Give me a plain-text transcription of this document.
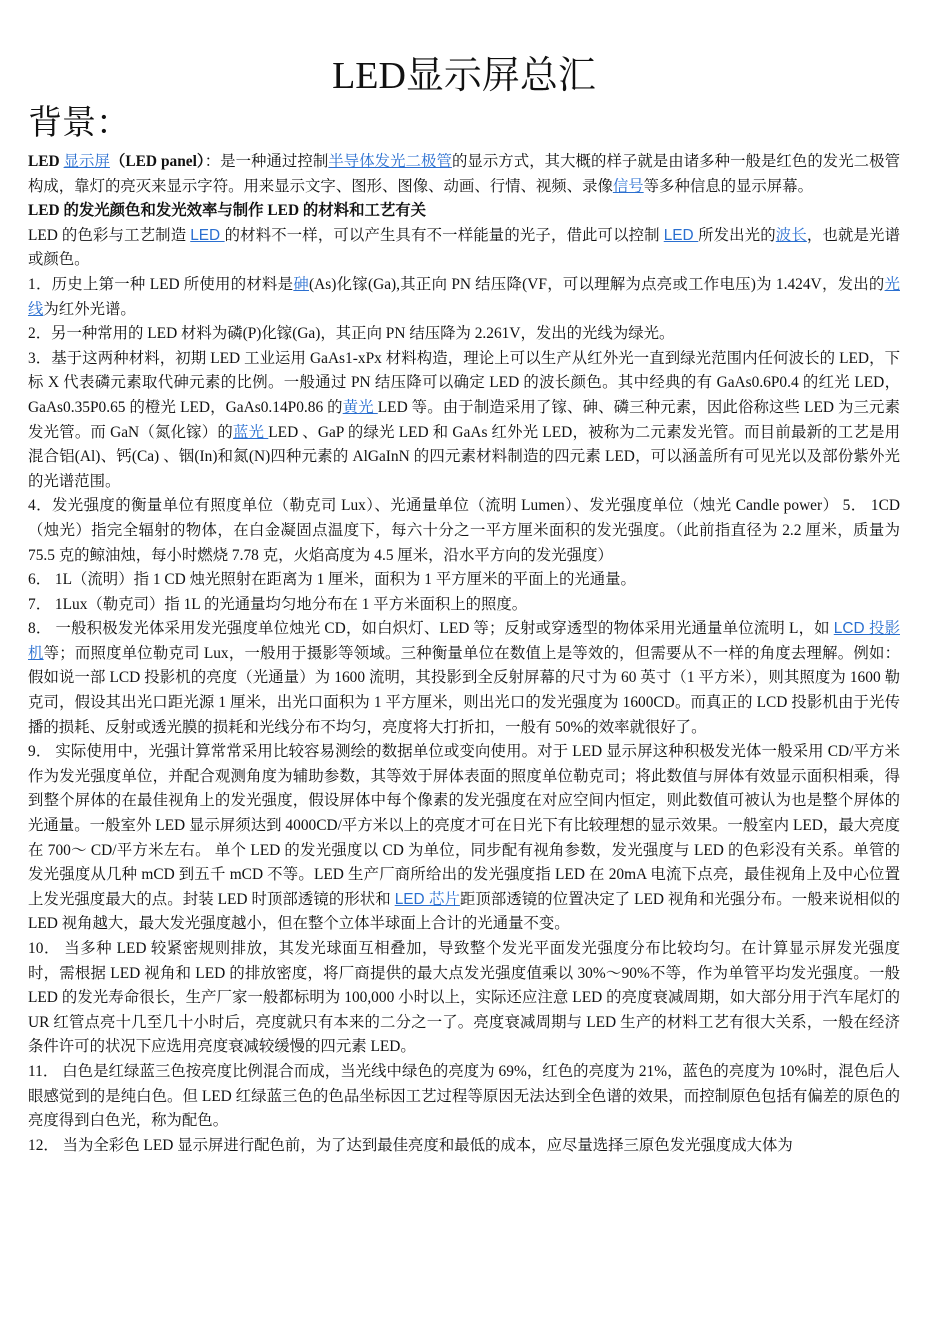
LED显示屏总汇
背景：

LED 显示屏（LED panel）：是一种通过控制半导体发光二极管的显示方式，其大概的样子就是由诸多种一般是红色的发光二极管构成，靠灯的亮灭来显示字符。用来显示文字、图形、图像、动画、行情、视频、录像信号等多种信息的显示屏幕。

LED 的发光颜色和发光效率与制作 LED 的材料和工艺有关

LED 的色彩与工艺制造 LED 的材料不一样，可以产生具有不一样能量的光子，借此可以控制 LED 所发出光的波长，也就是光谱或颜色。

1．历史上第一种 LED 所使用的材料是砷(As)化镓(Ga),其正向 PN 结压降(VF，可以理解为点亮或工作电压)为 1.424V，发出的光线为红外光谱。

2．另一种常用的 LED 材料为磷(P)化镓(Ga)，其正向 PN 结压降为 2.261V，发出的光线为绿光。

3．基于这两种材料，初期 LED 工业运用 GaAs1-xPx 材料构造，理论上可以生产从红外光一直到绿光范围内任何波长的 LED，下标 X 代表磷元素取代砷元素的比例。一般通过 PN 结压降可以确定 LED 的波长颜色。其中经典的有 GaAs0.6P0.4 的红光 LED，GaAs0.35P0.65 的橙光 LED，GaAs0.14P0.86 的黄光 LED 等。由于制造采用了镓、砷、磷三种元素，因此俗称这些 LED 为三元素发光管。而 GaN（氮化镓）的蓝光 LED 、GaP 的绿光 LED 和 GaAs 红外光 LED，被称为二元素发光管。而目前最新的工艺是用混合铝(Al)、钙(Ca) 、铟(In)和氮(N)四种元素的 AlGaInN 的四元素材料制造的四元素 LED，可以涵盖所有可见光以及部份紫外光的光谱范围。

4．发光强度的衡量单位有照度单位（勒克司 Lux）、光通量单位（流明 Lumen）、发光强度单位（烛光 Candle power） 5． 1CD（烛光）指完全辐射的物体，在白金凝固点温度下，每六十分之一平方厘米面积的发光强度。（此前指直径为 2.2 厘米，质量为 75.5 克的鲸油烛，每小时燃烧 7.78 克，火焰高度为 4.5 厘米，沿水平方向的发光强度）

6． 1L（流明）指 1 CD 烛光照射在距离为 1 厘米，面积为 1 平方厘米的平面上的光通量。

7． 1Lux（勒克司）指 1L 的光通量均匀地分布在 1 平方米面积上的照度。

8． 一般积极发光体采用发光强度单位烛光 CD，如白炽灯、LED 等；反射或穿透型的物体采用光通量单位流明 L，如 LCD 投影机等；而照度单位勒克司 Lux，一般用于摄影等领域。三种衡量单位在数值上是等效的，但需要从不一样的角度去理解。例如：假如说一部 LCD 投影机的亮度（光通量）为 1600 流明，其投影到全反射屏幕的尺寸为 60 英寸（1 平方米），则其照度为 1600 勒克司，假设其出光口距光源 1 厘米，出光口面积为 1 平方厘米，则出光口的发光强度为 1600CD。而真正的 LCD 投影机由于光传播的损耗、反射或透光膜的损耗和光线分布不均匀，亮度将大打折扣，一般有 50%的效率就很好了。

9． 实际使用中，光强计算常常采用比较容易测绘的数据单位或变向使用。对于 LED 显示屏这种积极发光体一般采用 CD/平方米作为发光强度单位，并配合观测角度为辅助参数，其等效于屏体表面的照度单位勒克司；将此数值与屏体有效显示面积相乘，得到整个屏体的在最佳视角上的发光强度，假设屏体中每个像素的发光强度在对应空间内恒定，则此数值可被认为也是整个屏体的光通量。一般室外 LED 显示屏须达到 4000CD/平方米以上的亮度才可在日光下有比较理想的显示效果。一般室内 LED，最大亮度在 700～ CD/平方米左右。 单个 LED 的发光强度以 CD 为单位，同步配有视角参数，发光强度与 LED 的色彩没有关系。单管的发光强度从几种 mCD 到五千 mCD 不等。LED 生产厂商所给出的发光强度指 LED 在 20mA 电流下点亮，最佳视角上及中心位置上发光强度最大的点。封装 LED 时顶部透镜的形状和 LED 芯片距顶部透镜的位置决定了 LED 视角和光强分布。一般来说相似的 LED 视角越大，最大发光强度越小，但在整个立体半球面上合计的光通量不变。

10． 当多种 LED 较紧密规则排放，其发光球面互相叠加，导致整个发光平面发光强度分布比较均匀。在计算显示屏发光强度时，需根据 LED 视角和 LED 的排放密度，将厂商提供的最大点发光强度值乘以 30%～90%不等，作为单管平均发光强度。一般 LED 的发光寿命很长，生产厂家一般都标明为 100,000 小时以上，实际还应注意 LED 的亮度衰减周期，如大部分用于汽车尾灯的 UR 红管点亮十几至几十小时后，亮度就只有本来的二分之一了。亮度衰减周期与 LED 生产的材料工艺有很大关系，一般在经济条件许可的状况下应选用亮度衰减较缓慢的四元素 LED。

11． 白色是红绿蓝三色按亮度比例混合而成，当光线中绿色的亮度为 69%，红色的亮度为 21%，蓝色的亮度为 10%时，混色后人眼感觉到的是纯白色。但 LED 红绿蓝三色的色品坐标因工艺过程等原因无法达到全色谱的效果，而控制原色包括有偏差的原色的亮度得到白色光，称为配色。

12． 当为全彩色 LED 显示屏进行配色前，为了达到最佳亮度和最低的成本，应尽量选择三原色发光强度成大体为
